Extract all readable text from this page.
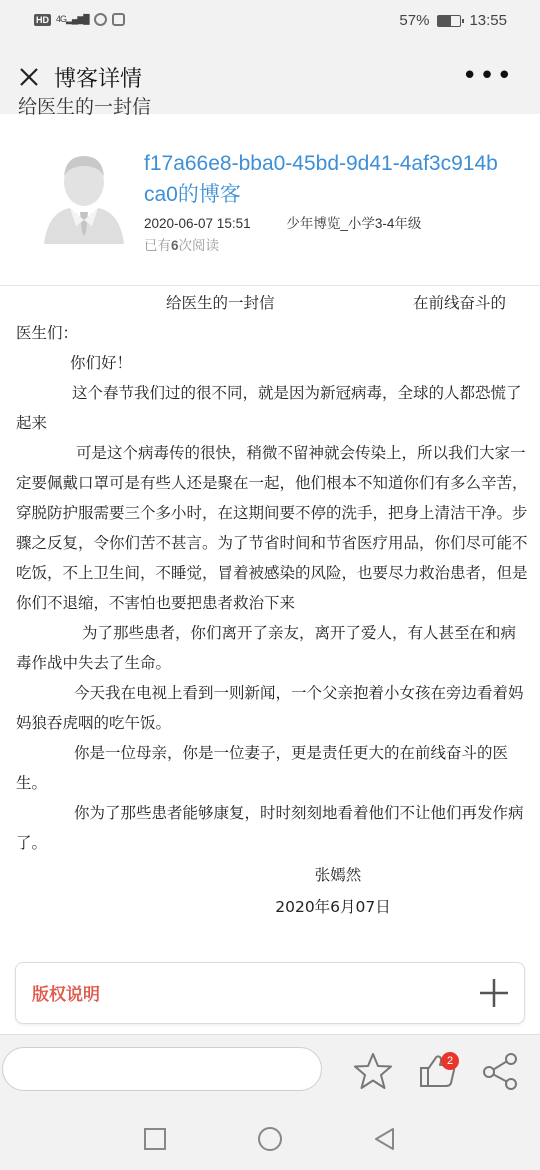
HD 4G▂▄▆█	57%	13:55
博客详情	•••
给医生的一封信
f17a66e8-bba0-45bd-9d41-4af3c914bca0的博客
2020-06-07 15:51	少年博览_小学3-4年级
已有6次阅读
给医生的一封信	在前线奋斗的

医生们：

你们好！

这个春节我们过的很不同，就是因为新冠病毒，全球的人都恐慌了起来

可是这个病毒传的很快，稍微不留神就会传染上，所以我们大家一定要佩戴口罩可是有些人还是聚在一起，他们根本不知道你们有多么辛苦，穿脱防护服需要三个多小时，在这期间要不停的洗手，把身上清洁干净。步骤之反复，令你们苦不甚言。为了节省时间和节省医疗用品，你们尽可能不吃饭，不上卫生间，不睡觉，冒着被感染的风险，也要尽力救治患者，但是你们不退缩，不害怕也要把患者救治下来

为了那些患者，你们离开了亲友，离开了爱人，有人甚至在和病毒作战中失去了生命。

今天我在电视上看到一则新闻，一个父亲抱着小女孩在旁边看着妈妈狼吞虎咽的吃午饭。

你是一位母亲，你是一位妻子，更是责任更大的在前线奋斗的医生。

你为了那些患者能够康复，时时刻刻地看着他们不让他们再发作病了。

张嫣然

2020年6月07日

版权说明
2
